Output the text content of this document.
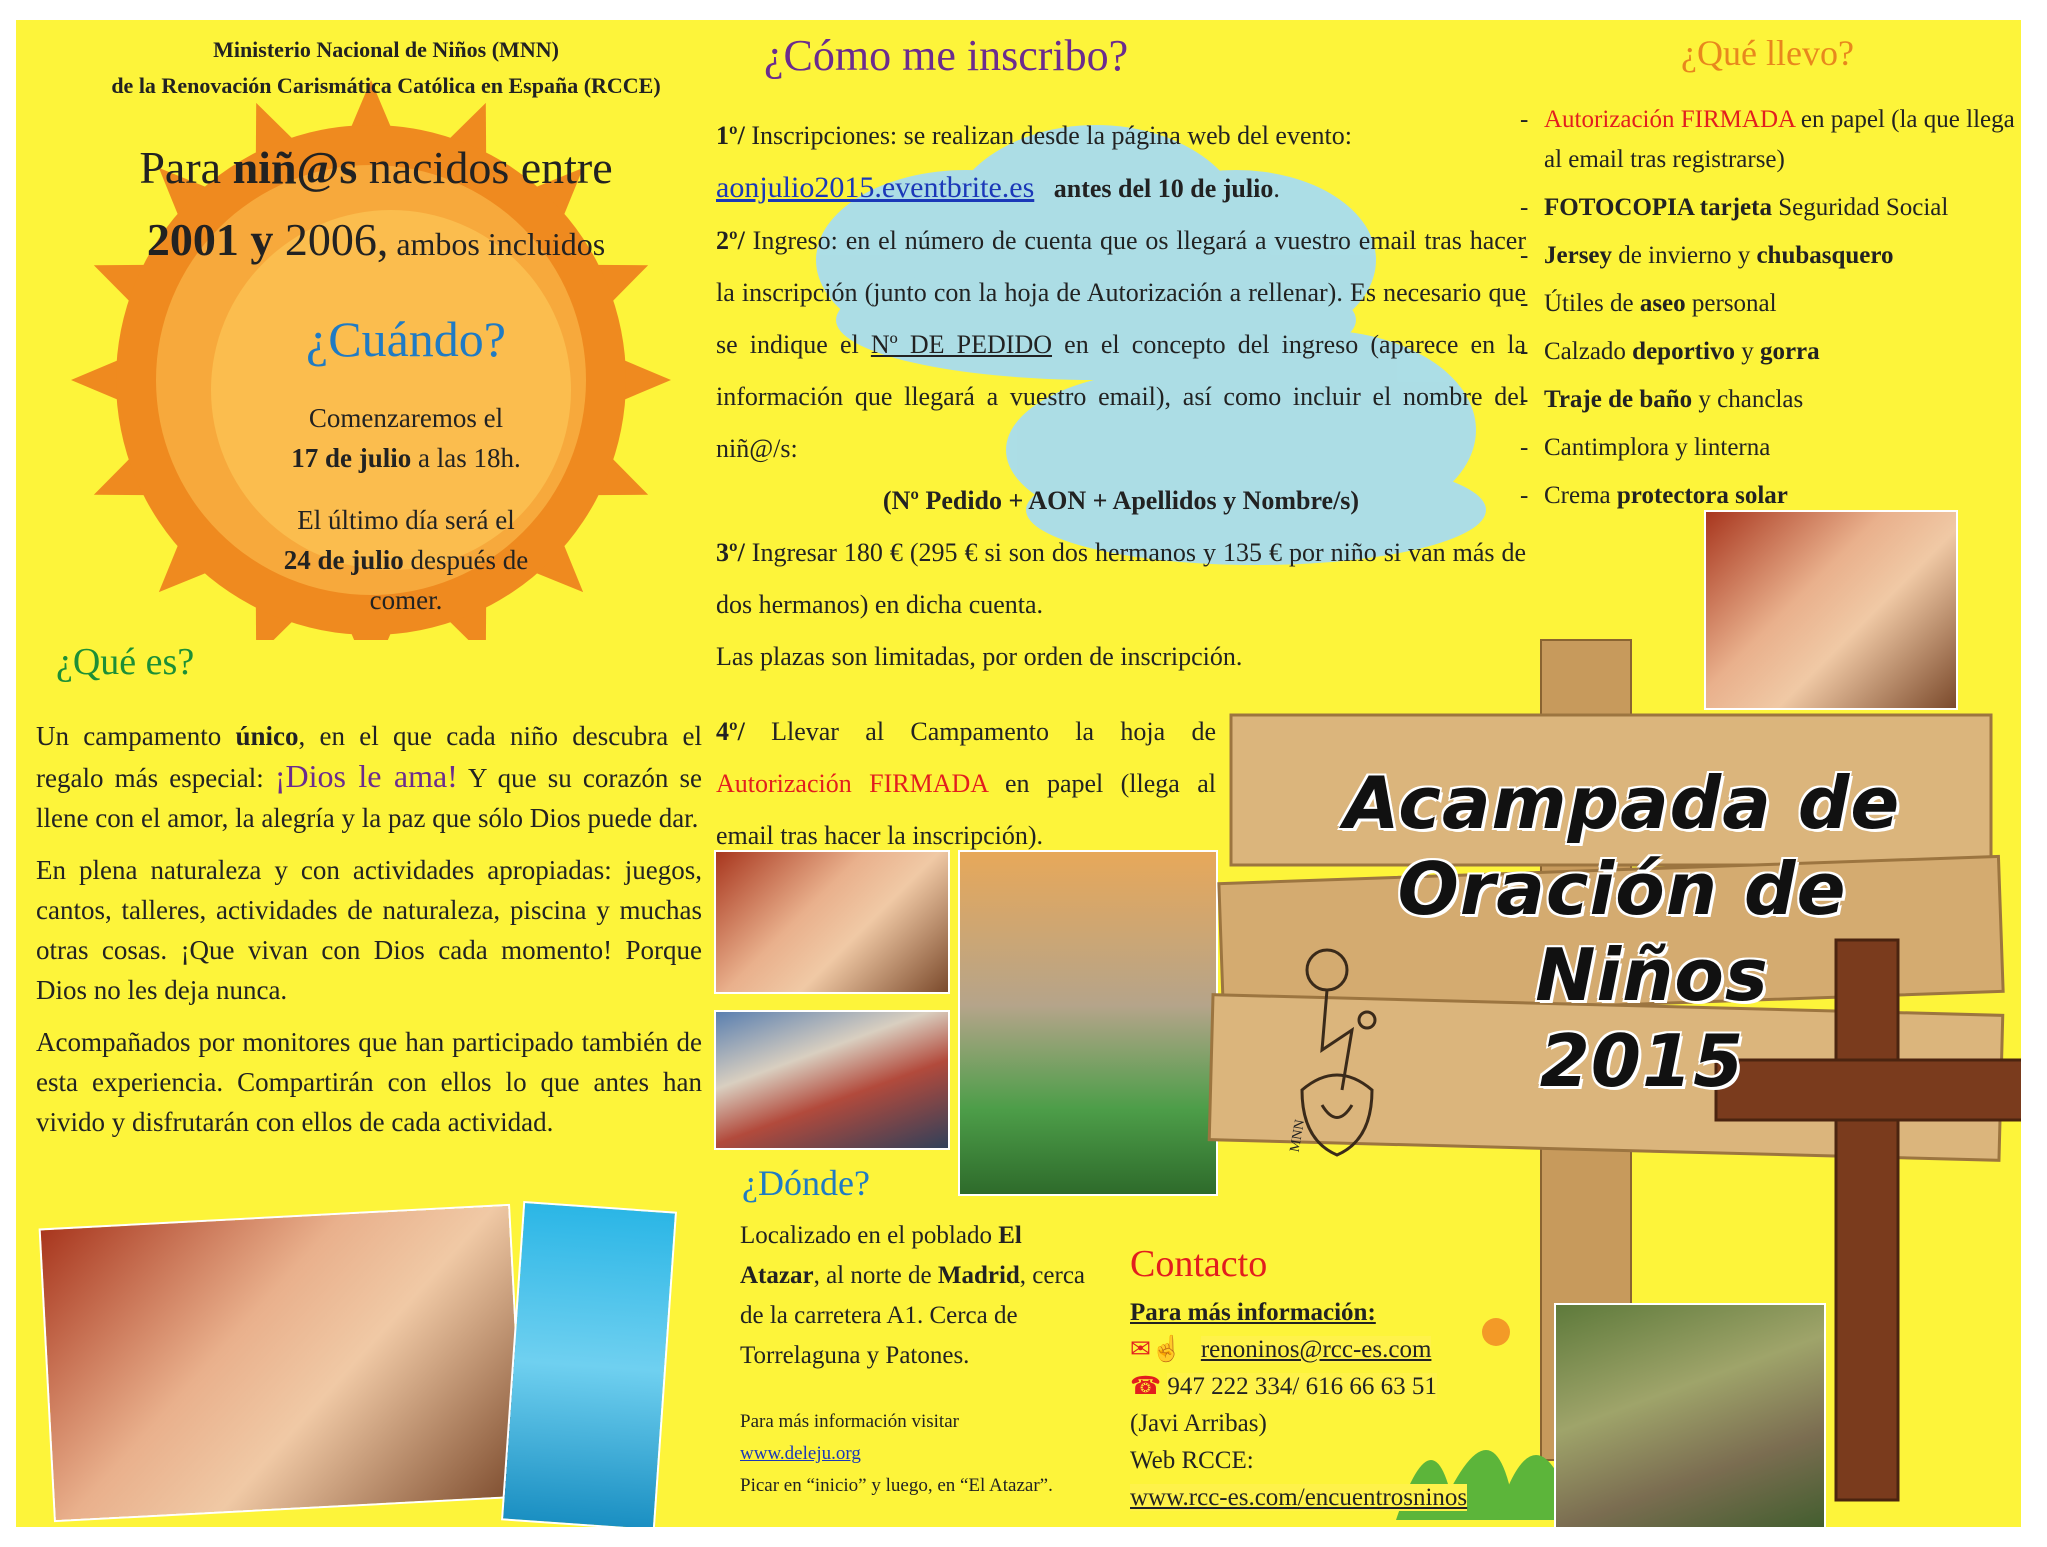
Ministerio Nacional de Niños (MNN)
de la Renovación Carismática Católica en España (RCCE)
Para niñ@s nacidos entre
2001 y 2006, ambos incluidos
¿Cuándo?
Comenzaremos el
17 de julio a las 18h.
El último día será el
24 de julio después de
comer.
¿Qué es?

Un campamento único, en el que cada niño descubra el regalo más especial: ¡Dios le ama! Y que su corazón se llene con el amor, la alegría y la paz que sólo Dios puede dar.

En plena naturaleza y con actividades apropiadas: juegos, cantos, talleres, actividades de naturaleza, piscina y muchas otras cosas. ¡Que vivan con Dios cada momento! Porque Dios no les deja nunca.

Acompañados por monitores que han participado también de esta experiencia. Compartirán con ellos lo que antes han vivido y disfrutarán con ellos de cada actividad.

¿Cómo me inscribo?
1º/ Inscripciones: se realizan desde la página web del evento:
aonjulio2015.eventbrite.es antes del 10 de julio.
2º/ Ingreso: en el número de cuenta que os llegará a vuestro email tras hacer la inscripción (junto con la hoja de Autorización a rellenar). Es necesario que se indique el Nº DE PEDIDO en el concepto del ingreso (aparece en la información que llegará a vuestro email), así como incluir el nombre del niñ@/s:
(Nº Pedido + AON + Apellidos y Nombre/s)
3º/ Ingresar 180 € (295 € si son dos hermanos y 135 € por niño si van más de dos hermanos) en dicha cuenta.
Las plazas son limitadas, por orden de inscripción.
4º/ Llevar al Campamento la hoja de Autorización FIRMADA en papel (llega al email tras hacer la inscripción).
¿Dónde?
Localizado en el poblado El Atazar, al norte de Madrid, cerca de la carretera A1. Cerca de Torrelaguna y Patones.
Para más información visitar
www.deleju.org
Picar en “inicio” y luego, en “El Atazar”.
¿Qué llevo?
- Autorización FIRMADA en papel (la que llega al email tras registrarse)
- FOTOCOPIA tarjeta Seguridad Social
- Jersey de invierno y chubasquero
- Útiles de aseo personal
- Calzado deportivo y gorra
- Traje de baño y chanclas
- Cantimplora y linterna
- Crema protectora solar
MNN
Acampada de
Oración de
Niños
2015
Contacto
Para más información:
✉☝ renoninos@rcc-es.com
☎ 947 222 334/ 616 66 63 51
(Javi Arribas)
Web RCCE:
www.rcc-es.com/encuentrosninos
